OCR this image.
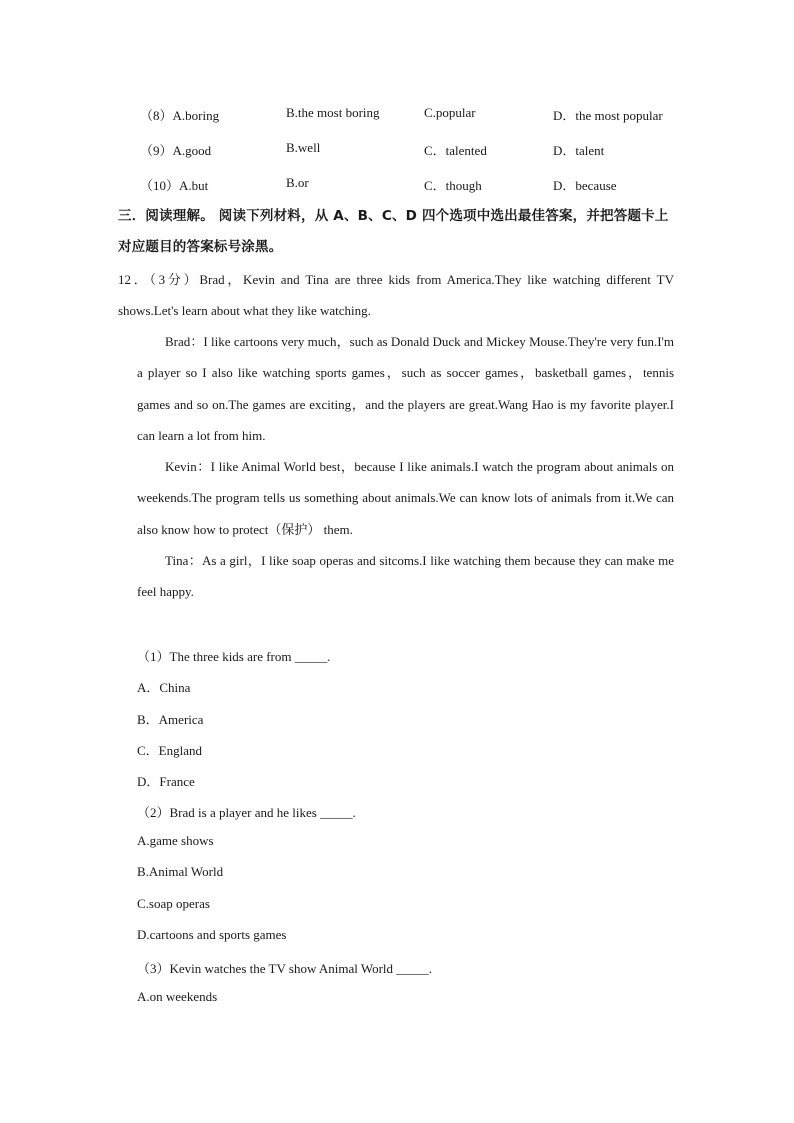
（8）A.boring	B.the most boring	C.popular	D．the most popular
（9）A.good	B.well	C．talented	D．talent
（10）A.but	B.or	C．though	D．because
三．阅读理解。 阅读下列材料，从 A、B、C、D 四个选项中选出最佳答案，并把答题卡上对应题目的答案标号涂黑。
12．（3分）Brad，Kevin and Tina are three kids from America.They like watching different TV shows.Let's learn about what they like watching.
Brad：I like cartoons very much，such as Donald Duck and Mickey Mouse.They're very fun.I'm a player so I also like watching sports games，such as soccer games，basketball games，tennis games and so on.The games are exciting，and the players are great.Wang Hao is my favorite player.I can learn a lot from him.
Kevin：I like Animal World best，because I like animals.I watch the program about animals on weekends.The program tells us something about animals.We can know lots of animals from it.We can also know how to protect（保护） them.
Tina：As a girl，I like soap operas and sitcoms.I like watching them because they can make me feel happy.
（1）The three kids are from _____.
A．China
B．America
C．England
D．France
（2）Brad is a player and he likes _____.
A.game shows
B.Animal World
C.soap operas
D.cartoons and sports games
（3）Kevin watches the TV show Animal World _____.
A.on weekends
